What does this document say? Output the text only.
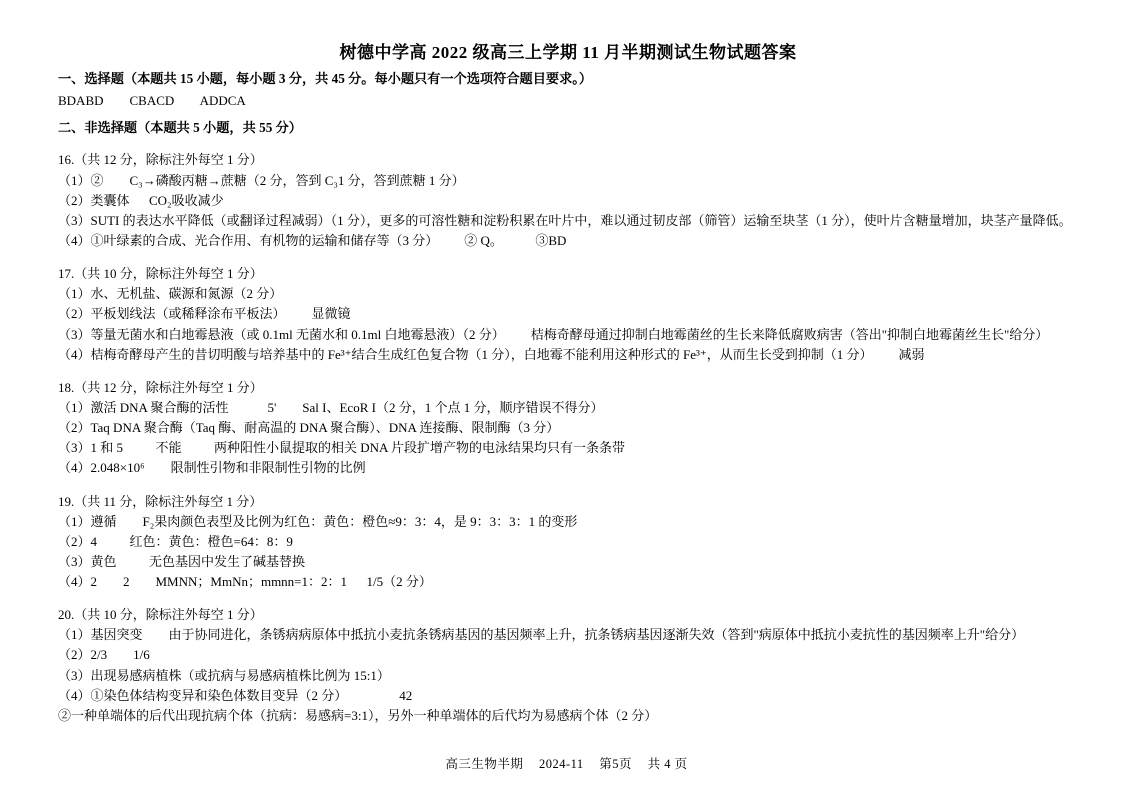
树德中学高 2022 级高三上学期 11 月半期测试生物试题答案
一、选择题（本题共 15 小题，每小题 3 分，共 45 分。每小题只有一个选项符合题目要求。）
BDABD        CBACD        ADDCA
二、非选择题（本题共 5 小题，共 55 分）
16.（共 12 分，除标注外每空 1 分）
（1）②        C₃→磷酸丙糖→蔗糖（2 分，答到 C₃1 分，答到蔗糖 1 分）
（2）类囊体      CO₂吸收减少
（3）SUTI 的表达水平降低（或翻译过程减弱）（1 分），更多的可溶性糖和淀粉积累在叶片中，难以通过韧皮部（筛管）运输至块茎（1 分），使叶片含糖量增加，块茎产量降低。
（4）①叶绿素的合成、光合作用、有机物的运输和储存等（3 分）        ② Q。          ③BD
17.（共 10 分，除标注外每空 1 分）
（1）水、无机盐、碳源和氮源（2 分）
（2）平板划线法（或稀释涂布平板法）        显微镜
（3）等量无菌水和白地霉悬液（或 0.1ml 无菌水和 0.1ml 白地霉悬液）（2 分）        桔梅奇酵母通过抑制白地霉菌丝的生长来降低腐败病害（答出"抑制白地霉菌丝生长"给分）
（4）桔梅奇酵母产生的昔切明酸与培养基中的 Fe³⁺结合生成红色复合物（1 分），白地霉不能利用这种形式的 Fe³⁺，从而生长受到抑制（1 分）        减弱
18.（共 12 分，除标注外每空 1 分）
（1）激活 DNA 聚合酶的活性            5'        Sal I、EcoR I（2 分，1 个点 1 分，顺序错误不得分）
（2）Taq DNA 聚合酶（Taq 酶、耐高温的 DNA 聚合酶）、DNA 连接酶、限制酶（3 分）
（3）1 和 5          不能          两种阳性小鼠提取的相关 DNA 片段扩增产物的电泳结果均只有一条条带
（4）2.048×10⁶        限制性引物和非限制性引物的比例
19.（共 11 分，除标注外每空 1 分）
（1）遵循        F₂果肉颜色表型及比例为红色：黄色：橙色≈9：3：4，是 9：3：3：1 的变形
（2）4          红色：黄色：橙色=64：8：9
（3）黄色          无色基因中发生了碱基替换
（4）2        2        MMNN；MmNn；mmnn=1：2：1      1/5（2 分）
20.（共 10 分，除标注外每空 1 分）
（1）基因突变        由于协同进化，条锈病病原体中抵抗小麦抗条锈病基因的基因频率上升，抗条锈病基因逐渐失效（答到"病原体中抵抗小麦抗性的基因频率上升"给分）
（2）2/3        1/6
（3）出现易感病植株（或抗病与易感病植株比例为 15:1）
（4）①染色体结构变异和染色体数目变异（2 分）                42
②一种单端体的后代出现抗病个体（抗病：易感病=3:1），另外一种单端体的后代均为易感病个体（2 分）
高三生物半期 2024-11 第5页 共 4 页
